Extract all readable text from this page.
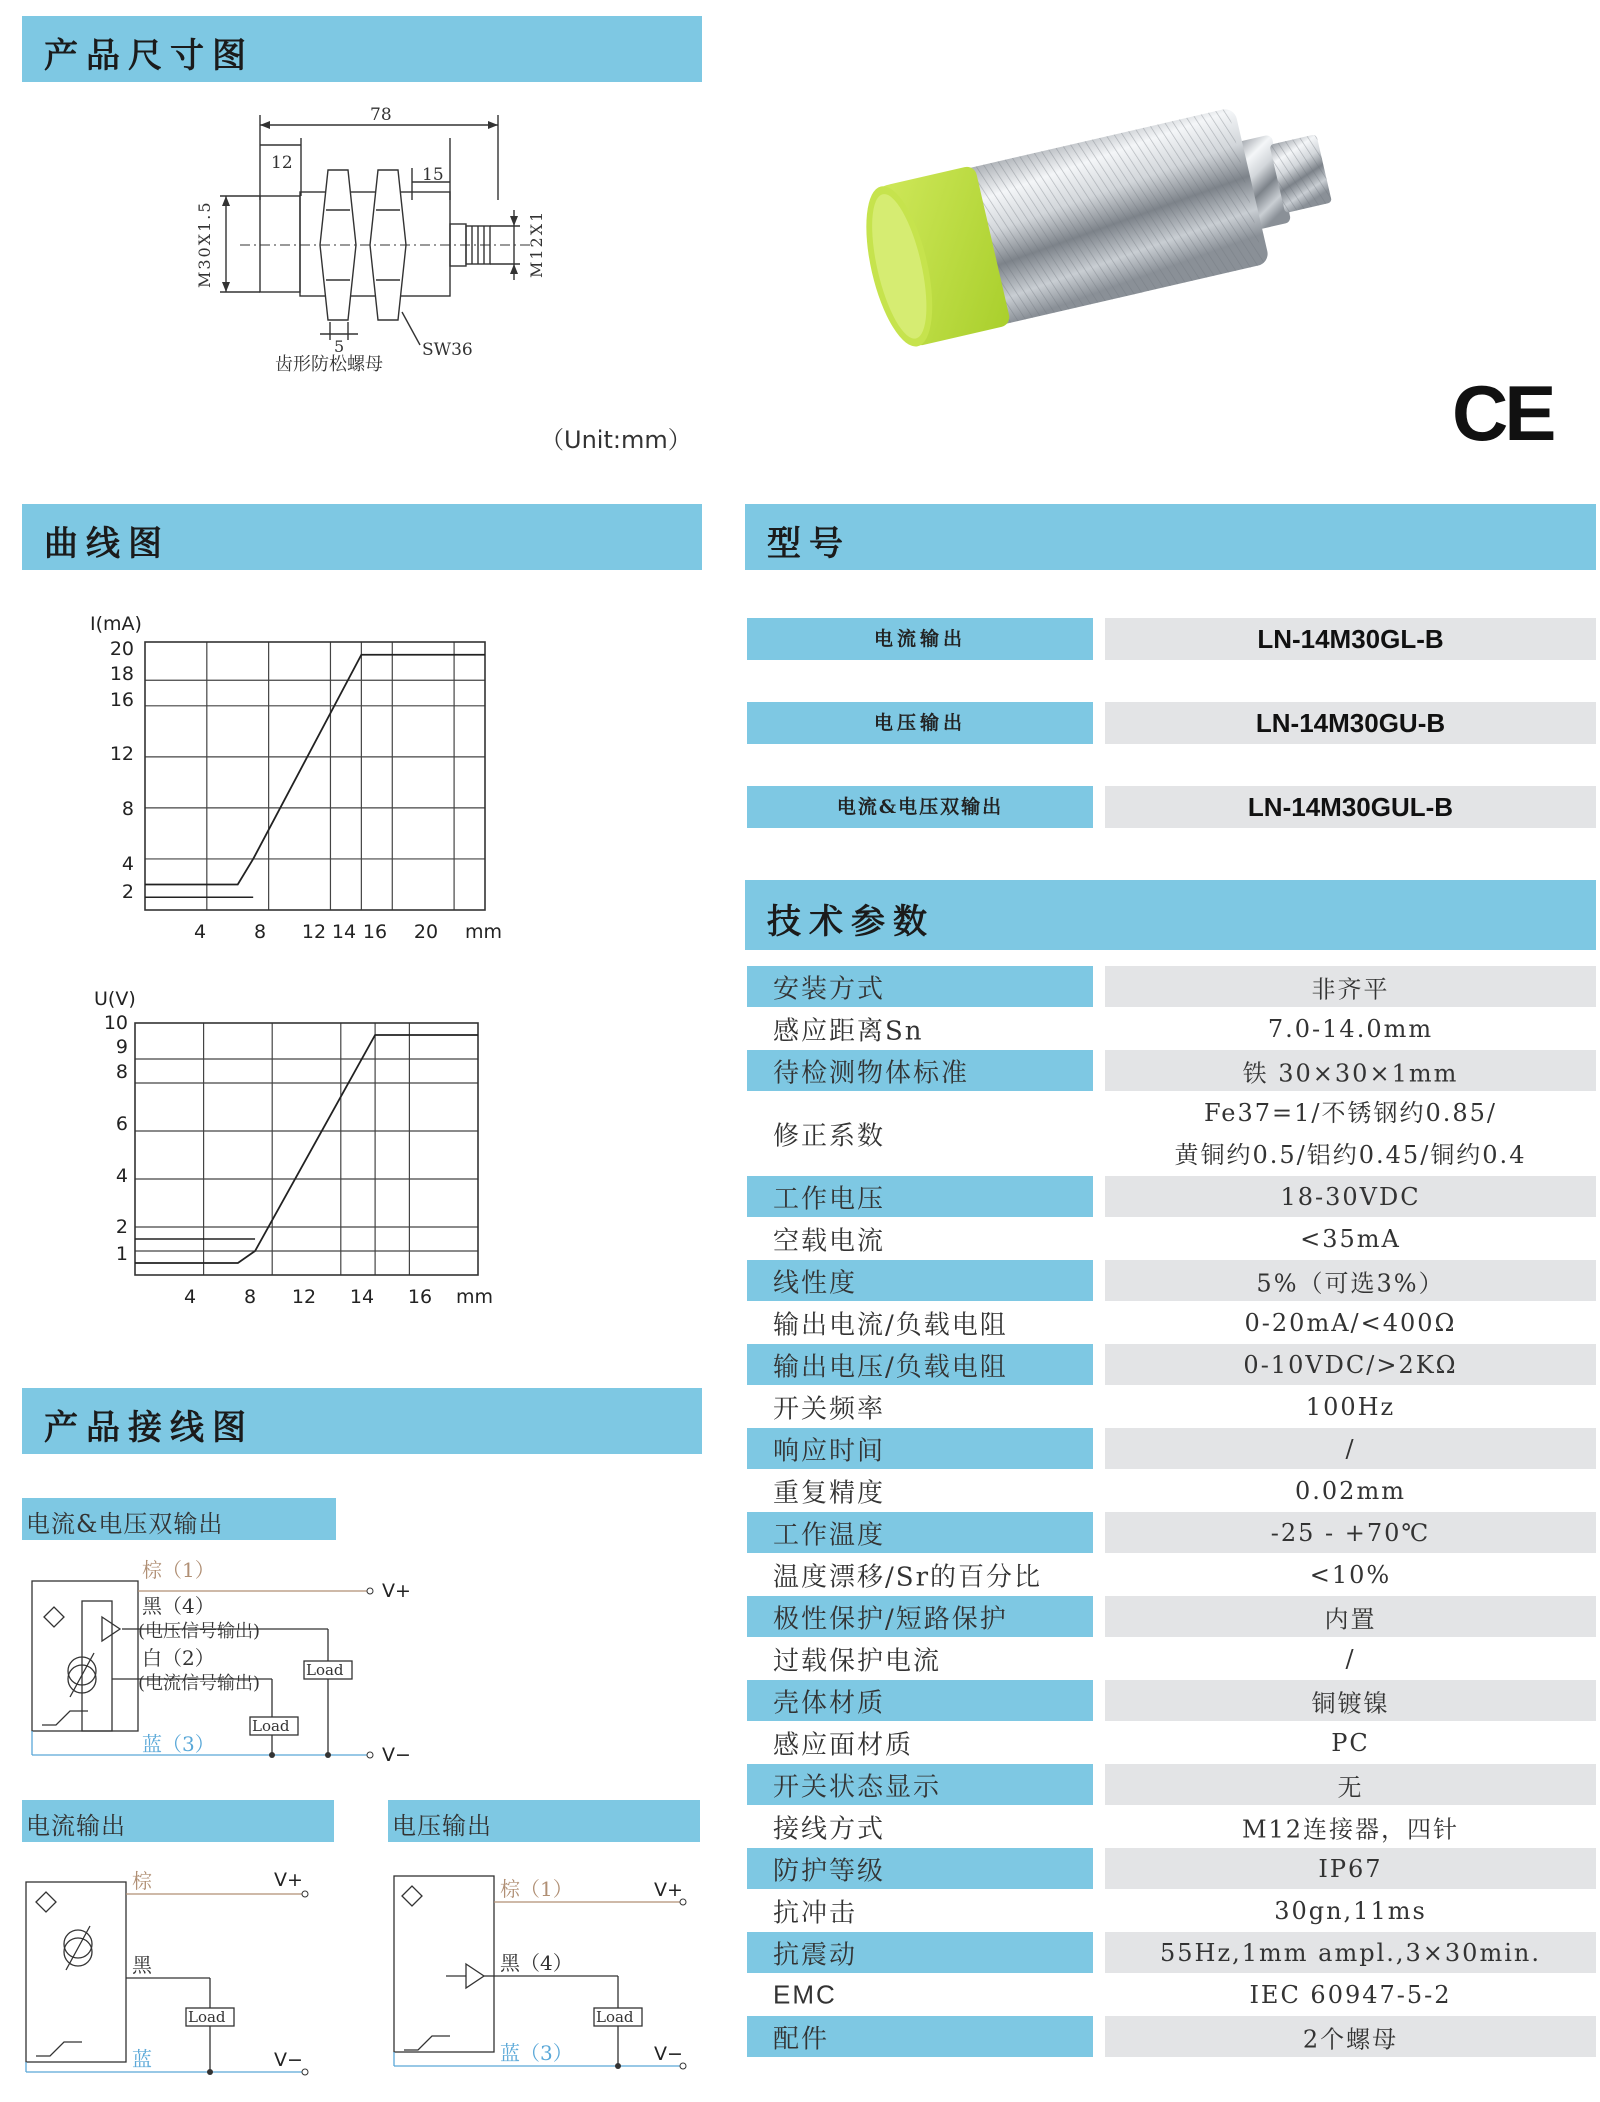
产品尺寸图
曲线图	型号
技术参数
产品接线图
78
12
15
5
M30X1.5	M12X1
SW36
齿形防松螺母
（Unit:mm）	CE
I(mA)
20
18
16
12
8
4
2
4	8 12 14 16 20 mm
U(V)
10
9
8
6
4
2
1
4	8 12 14 16 mm
电流输出	LN-14M30GL-B
电压输出	LN-14M30GU-B
电流&电压双输出	LN-14M30GUL-B
安装方式	非齐平
感应距离Sn	7.0-14.0mm
待检测物体标准	铁 30×30×1mm
修正系数
Fe37=1/不锈钢约0.85/
黄铜约0.5/铝约0.45/铜约0.4
工作电压	18-30VDC
空载电流	<35mA
线性度	5%（可选3%）
输出电流/负载电阻	0-20mA/<400Ω
输出电压/负载电阻	0-10VDC/>2KΩ
开关频率	100Hz
响应时间	/
重复精度	0.02mm
工作温度	-25 - +70℃
温度漂移/Sr的百分比	<10%
极性保护/短路保护	内置
过载保护电流	/
壳体材质	铜镀镍
感应面材质	PC
开关状态显示	无
接线方式	M12连接器，四针
防护等级	IP67
抗冲击	30gn,11ms
抗震动	55Hz,1mm ampl.,3×30min.
EMC	IEC 60947-5-2
配件	2个螺母
电流&电压双输出
棕（1）
黑（4）
(电压信号输出)
白（2）
(电流信号输出)
蓝（3）
Load
Load
V+
V−
电流输出
棕
黑
蓝
Load
V+
V−
电压输出
棕（1）
黑（4）
蓝（3）
Load
V+
V−
